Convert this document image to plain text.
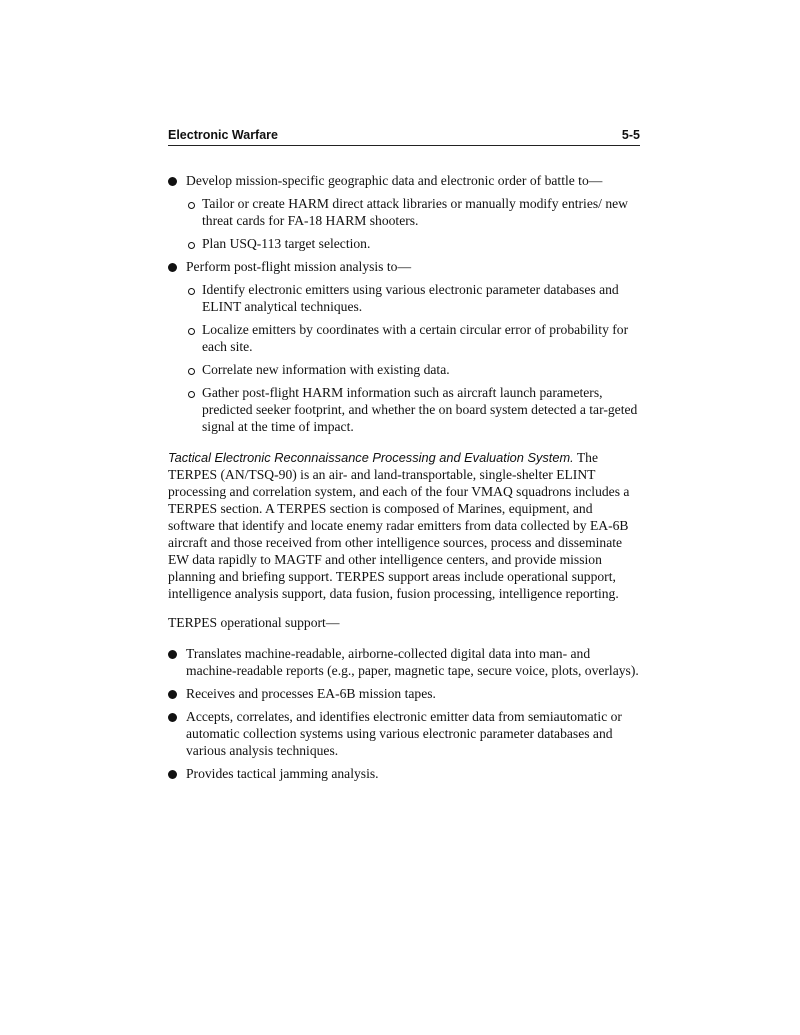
Electronic Warfare	5-5
Develop mission-specific geographic data and electronic order of battle to—
Tailor or create HARM direct attack libraries or manually modify entries/ new threat cards for FA-18 HARM shooters.
Plan USQ-113 target selection.
Perform post-flight mission analysis to—
Identify electronic emitters using various electronic parameter databases and ELINT analytical techniques.
Localize emitters by coordinates with a certain circular error of probability for each site.
Correlate new information with existing data.
Gather post-flight HARM information such as aircraft launch parameters, predicted seeker footprint, and whether the on board system detected a tar-geted signal at the time of impact.

Tactical Electronic Reconnaissance Processing and Evaluation System. The TERPES (AN/TSQ-90) is an air- and land-transportable, single-shelter ELINT processing and correlation system, and each of the four VMAQ squadrons includes a TERPES section. A TERPES section is composed of Marines, equipment, and software that identify and locate enemy radar emitters from data collected by EA-6B aircraft and those received from other intelligence sources, process and disseminate EW data rapidly to MAGTF and other intelligence centers, and provide mission planning and briefing support. TERPES support areas include operational support, intelligence analysis support, data fusion, fusion processing, intelligence reporting.

TERPES operational support—

Translates machine-readable, airborne-collected digital data into man- and machine-readable reports (e.g., paper, magnetic tape, secure voice, plots, overlays).
Receives and processes EA-6B mission tapes.
Accepts, correlates, and identifies electronic emitter data from semiautomatic or automatic collection systems using various electronic parameter databases and various analysis techniques.
Provides tactical jamming analysis.
